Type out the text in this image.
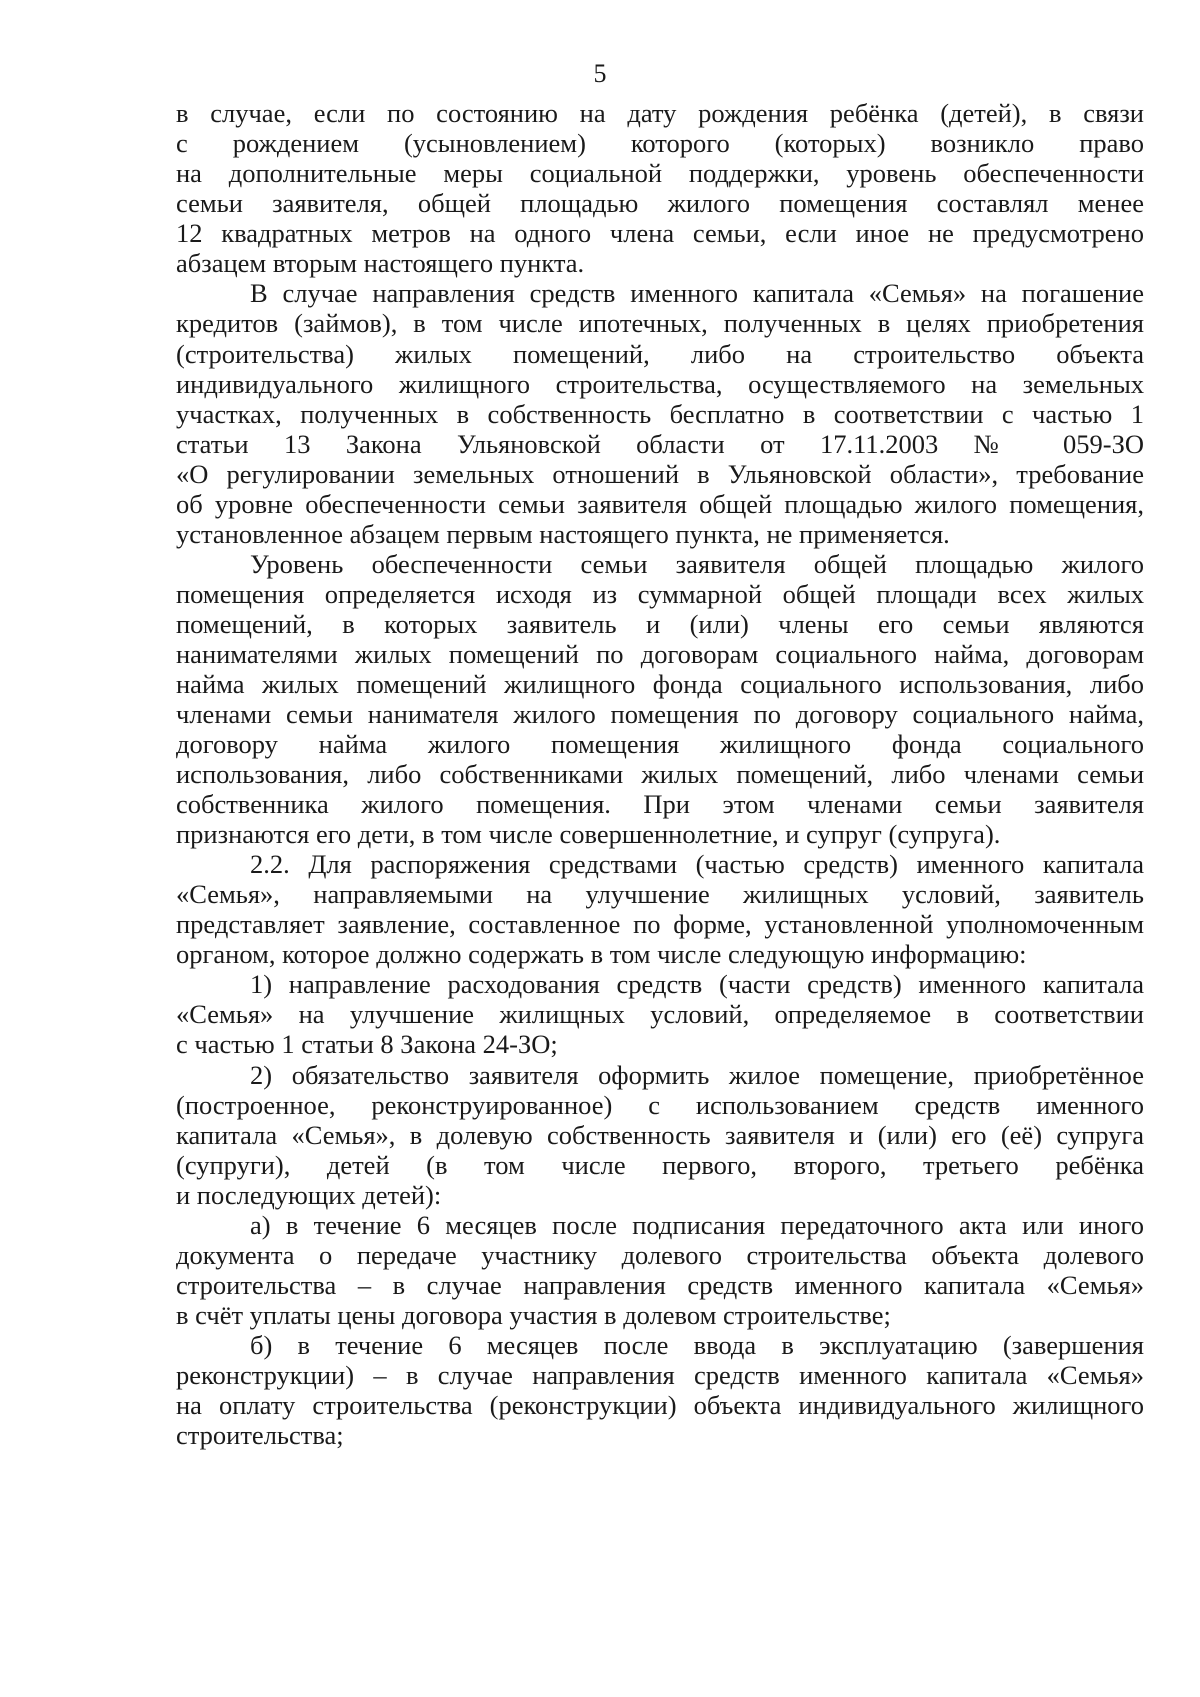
5
в случае, если по состоянию на дату рождения ребёнка (детей), в связи
с рождением (усыновлением) которого (которых) возникло право
на дополнительные меры социальной поддержки, уровень обеспеченности
семьи заявителя, общей площадью жилого помещения составлял менее
12 квадратных метров на одного члена семьи, если иное не предусмотрено
абзацем вторым настоящего пункта.
В случае направления средств именного капитала «Семья» на погашение
кредитов (займов), в том числе ипотечных, полученных в целях приобретения
(строительства) жилых помещений, либо на строительство объекта
индивидуального жилищного строительства, осуществляемого на земельных
участках, полученных в собственность бесплатно в соответствии с частью 1
статьи 13 Закона Ульяновской области от 17.11.2003 № 059-ЗО
«О регулировании земельных отношений в Ульяновской области», требование
об уровне обеспеченности семьи заявителя общей площадью жилого помещения,
установленное абзацем первым настоящего пункта, не применяется.
Уровень обеспеченности семьи заявителя общей площадью жилого
помещения определяется исходя из суммарной общей площади всех жилых
помещений, в которых заявитель и (или) члены его семьи являются
нанимателями жилых помещений по договорам социального найма, договорам
найма жилых помещений жилищного фонда социального использования, либо
членами семьи нанимателя жилого помещения по договору социального найма,
договору найма жилого помещения жилищного фонда социального
использования, либо собственниками жилых помещений, либо членами семьи
собственника жилого помещения. При этом членами семьи заявителя
признаются его дети, в том числе совершеннолетние, и супруг (супруга).
2.2. Для распоряжения средствами (частью средств) именного капитала
«Семья», направляемыми на улучшение жилищных условий, заявитель
представляет заявление, составленное по форме, установленной уполномоченным
органом, которое должно содержать в том числе следующую информацию:
1) направление расходования средств (части средств) именного капитала
«Семья» на улучшение жилищных условий, определяемое в соответствии
с частью 1 статьи 8 Закона 24-ЗО;
2) обязательство заявителя оформить жилое помещение, приобретённое
(построенное, реконструированное) с использованием средств именного
капитала «Семья», в долевую собственность заявителя и (или) его (её) супруга
(супруги), детей (в том числе первого, второго, третьего ребёнка
и последующих детей):
а) в течение 6 месяцев после подписания передаточного акта или иного
документа о передаче участнику долевого строительства объекта долевого
строительства – в случае направления средств именного капитала «Семья»
в счёт уплаты цены договора участия в долевом строительстве;
б) в течение 6 месяцев после ввода в эксплуатацию (завершения
реконструкции) – в случае направления средств именного капитала «Семья»
на оплату строительства (реконструкции) объекта индивидуального жилищного
строительства;
